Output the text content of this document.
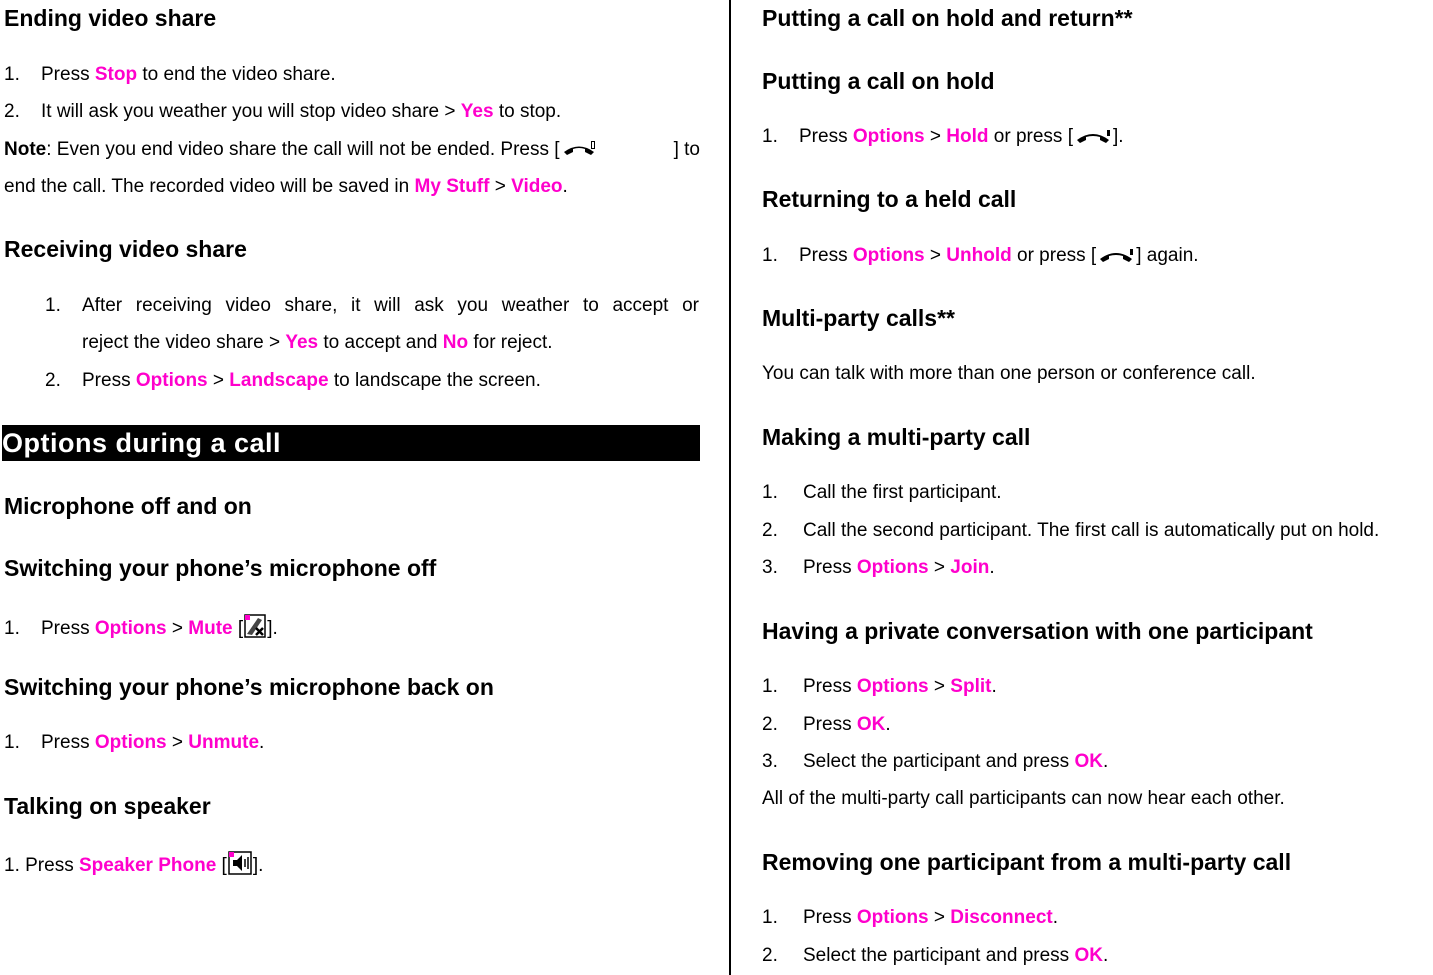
Ending video share
1. Press Stop to end the video share.
2. It will ask you weather you will stop video share > Yes to stop.
Note: Even you end video share the call will not be ended. Press [	] to
end the call. The recorded video will be saved in My Stuff > Video.
Receiving video share
1. After receiving video share, it will ask you weather to accept or
reject the video share > Yes to accept and No for reject.
2. Press Options > Landscape to landscape the screen.
Options during a call
Microphone off and on
Switching your phone’s microphone off
1. Press Options > Mute [ ].
Switching your phone’s microphone back on
1. Press Options > Unmute.
Talking on speaker
1. Press Speaker Phone [ ].
Putting a call on hold and return**
Putting a call on hold
1. Press Options > Hold or press [ ].
Returning to a held call
1. Press Options > Unhold or press [ ] again.
Multi-party calls**
You can talk with more than one person or conference call.
Making a multi-party call
1. Call the first participant.
2. Call the second participant. The first call is automatically put on hold.
3. Press Options > Join.
Having a private conversation with one participant
1. Press Options > Split.
2. Press OK.
3. Select the participant and press OK.
All of the multi-party call participants can now hear each other.
Removing one participant from a multi-party call
1. Press Options > Disconnect.
2. Select the participant and press OK.
